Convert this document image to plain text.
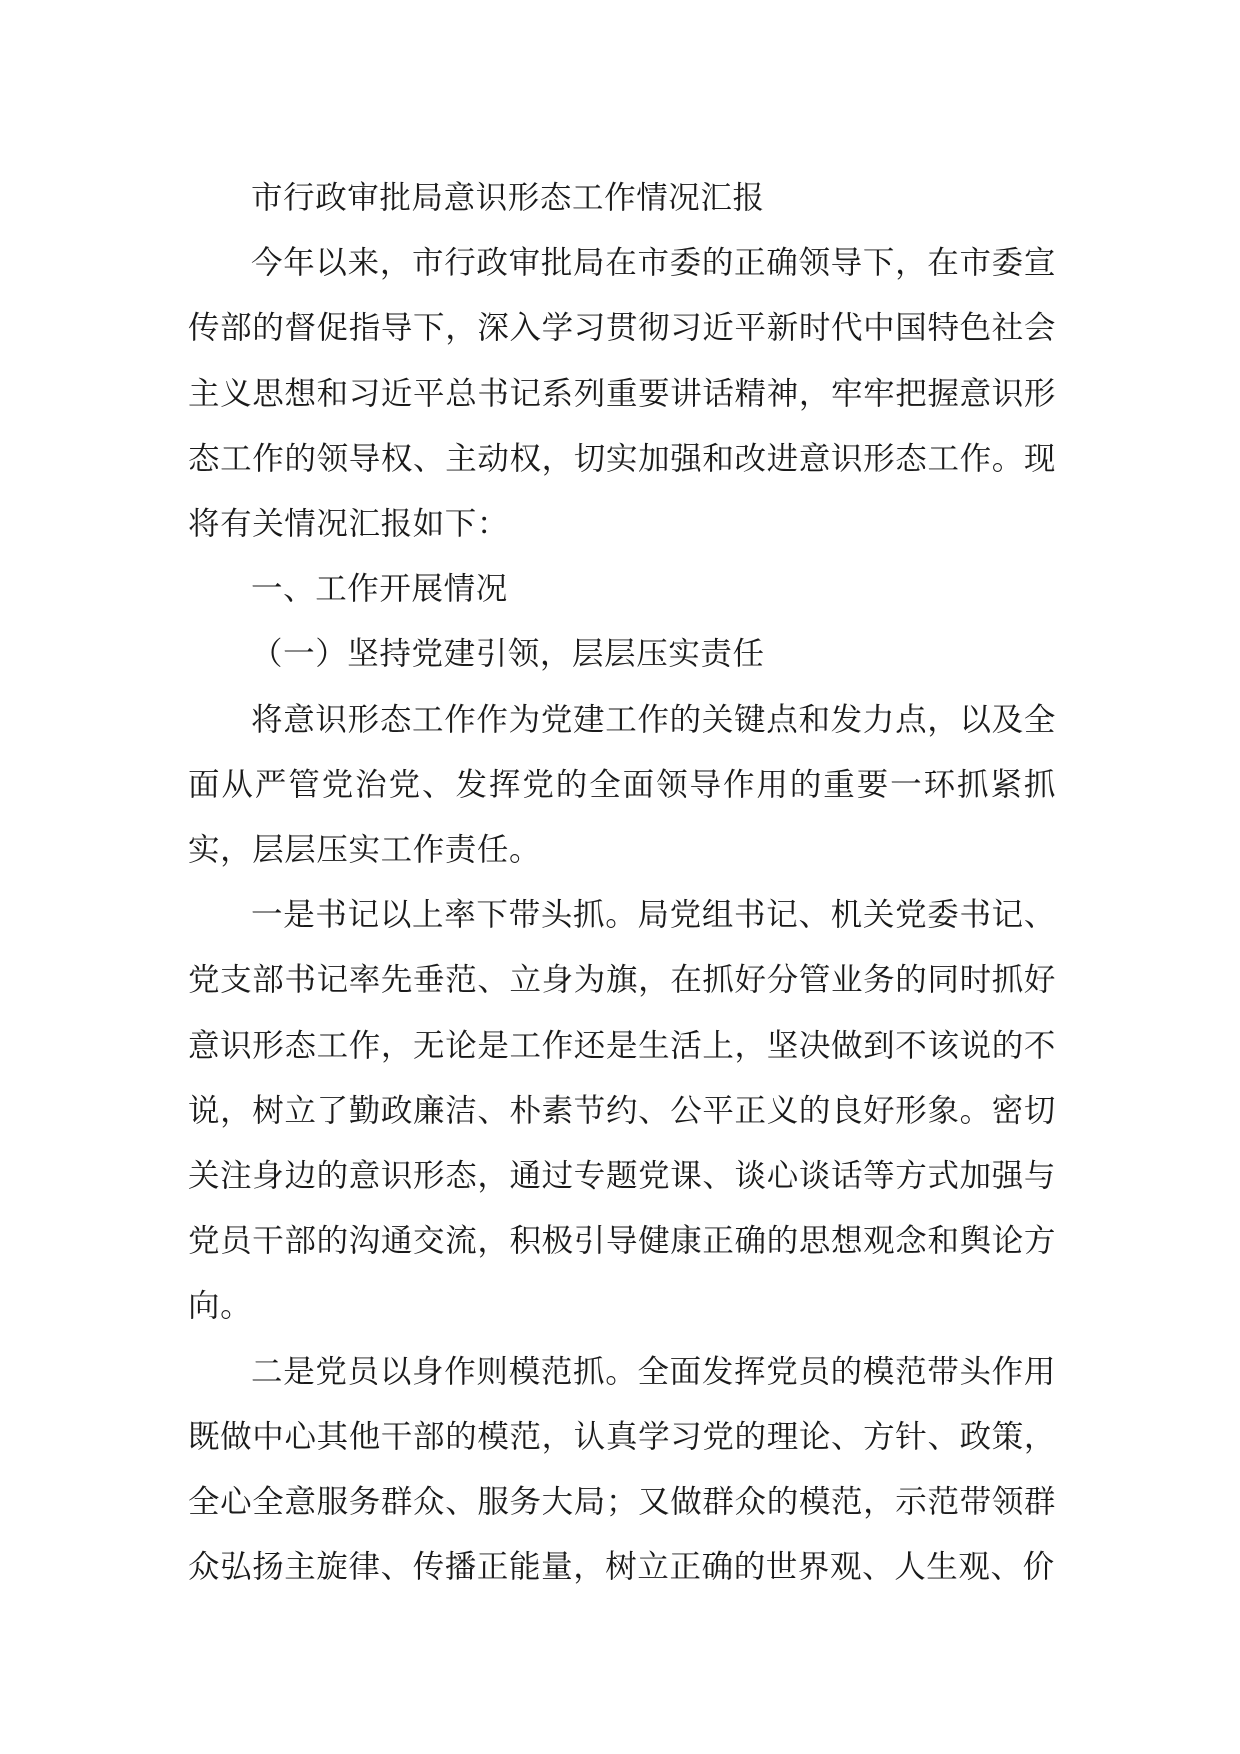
市行政审批局意识形态工作情况汇报

今年以来，市行政审批局在市委的正确领导下，在市委宣传部的督促指导下，深入学习贯彻习近平新时代中国特色社会主义思想和习近平总书记系列重要讲话精神，牢牢把握意识形态工作的领导权、主动权，切实加强和改进意识形态工作。现将有关情况汇报如下：

一、工作开展情况

（一）坚持党建引领，层层压实责任

将意识形态工作作为党建工作的关键点和发力点，以及全面从严管党治党、发挥党的全面领导作用的重要一环抓紧抓实，层层压实工作责任。

一是书记以上率下带头抓。局党组书记、机关党委书记、党支部书记率先垂范、立身为旗，在抓好分管业务的同时抓好意识形态工作，无论是工作还是生活上，坚决做到不该说的不说，树立了勤政廉洁、朴素节约、公平正义的良好形象。密切关注身边的意识形态，通过专题党课、谈心谈话等方式加强与党员干部的沟通交流，积极引导健康正确的思想观念和舆论方向。

二是党员以身作则模范抓。全面发挥党员的模范带头作用既做中心其他干部的模范，认真学习党的理论、方针、政策，全心全意服务群众、服务大局；又做群众的模范，示范带领群众弘扬主旋律、传播正能量，树立正确的世界观、人生观、价
